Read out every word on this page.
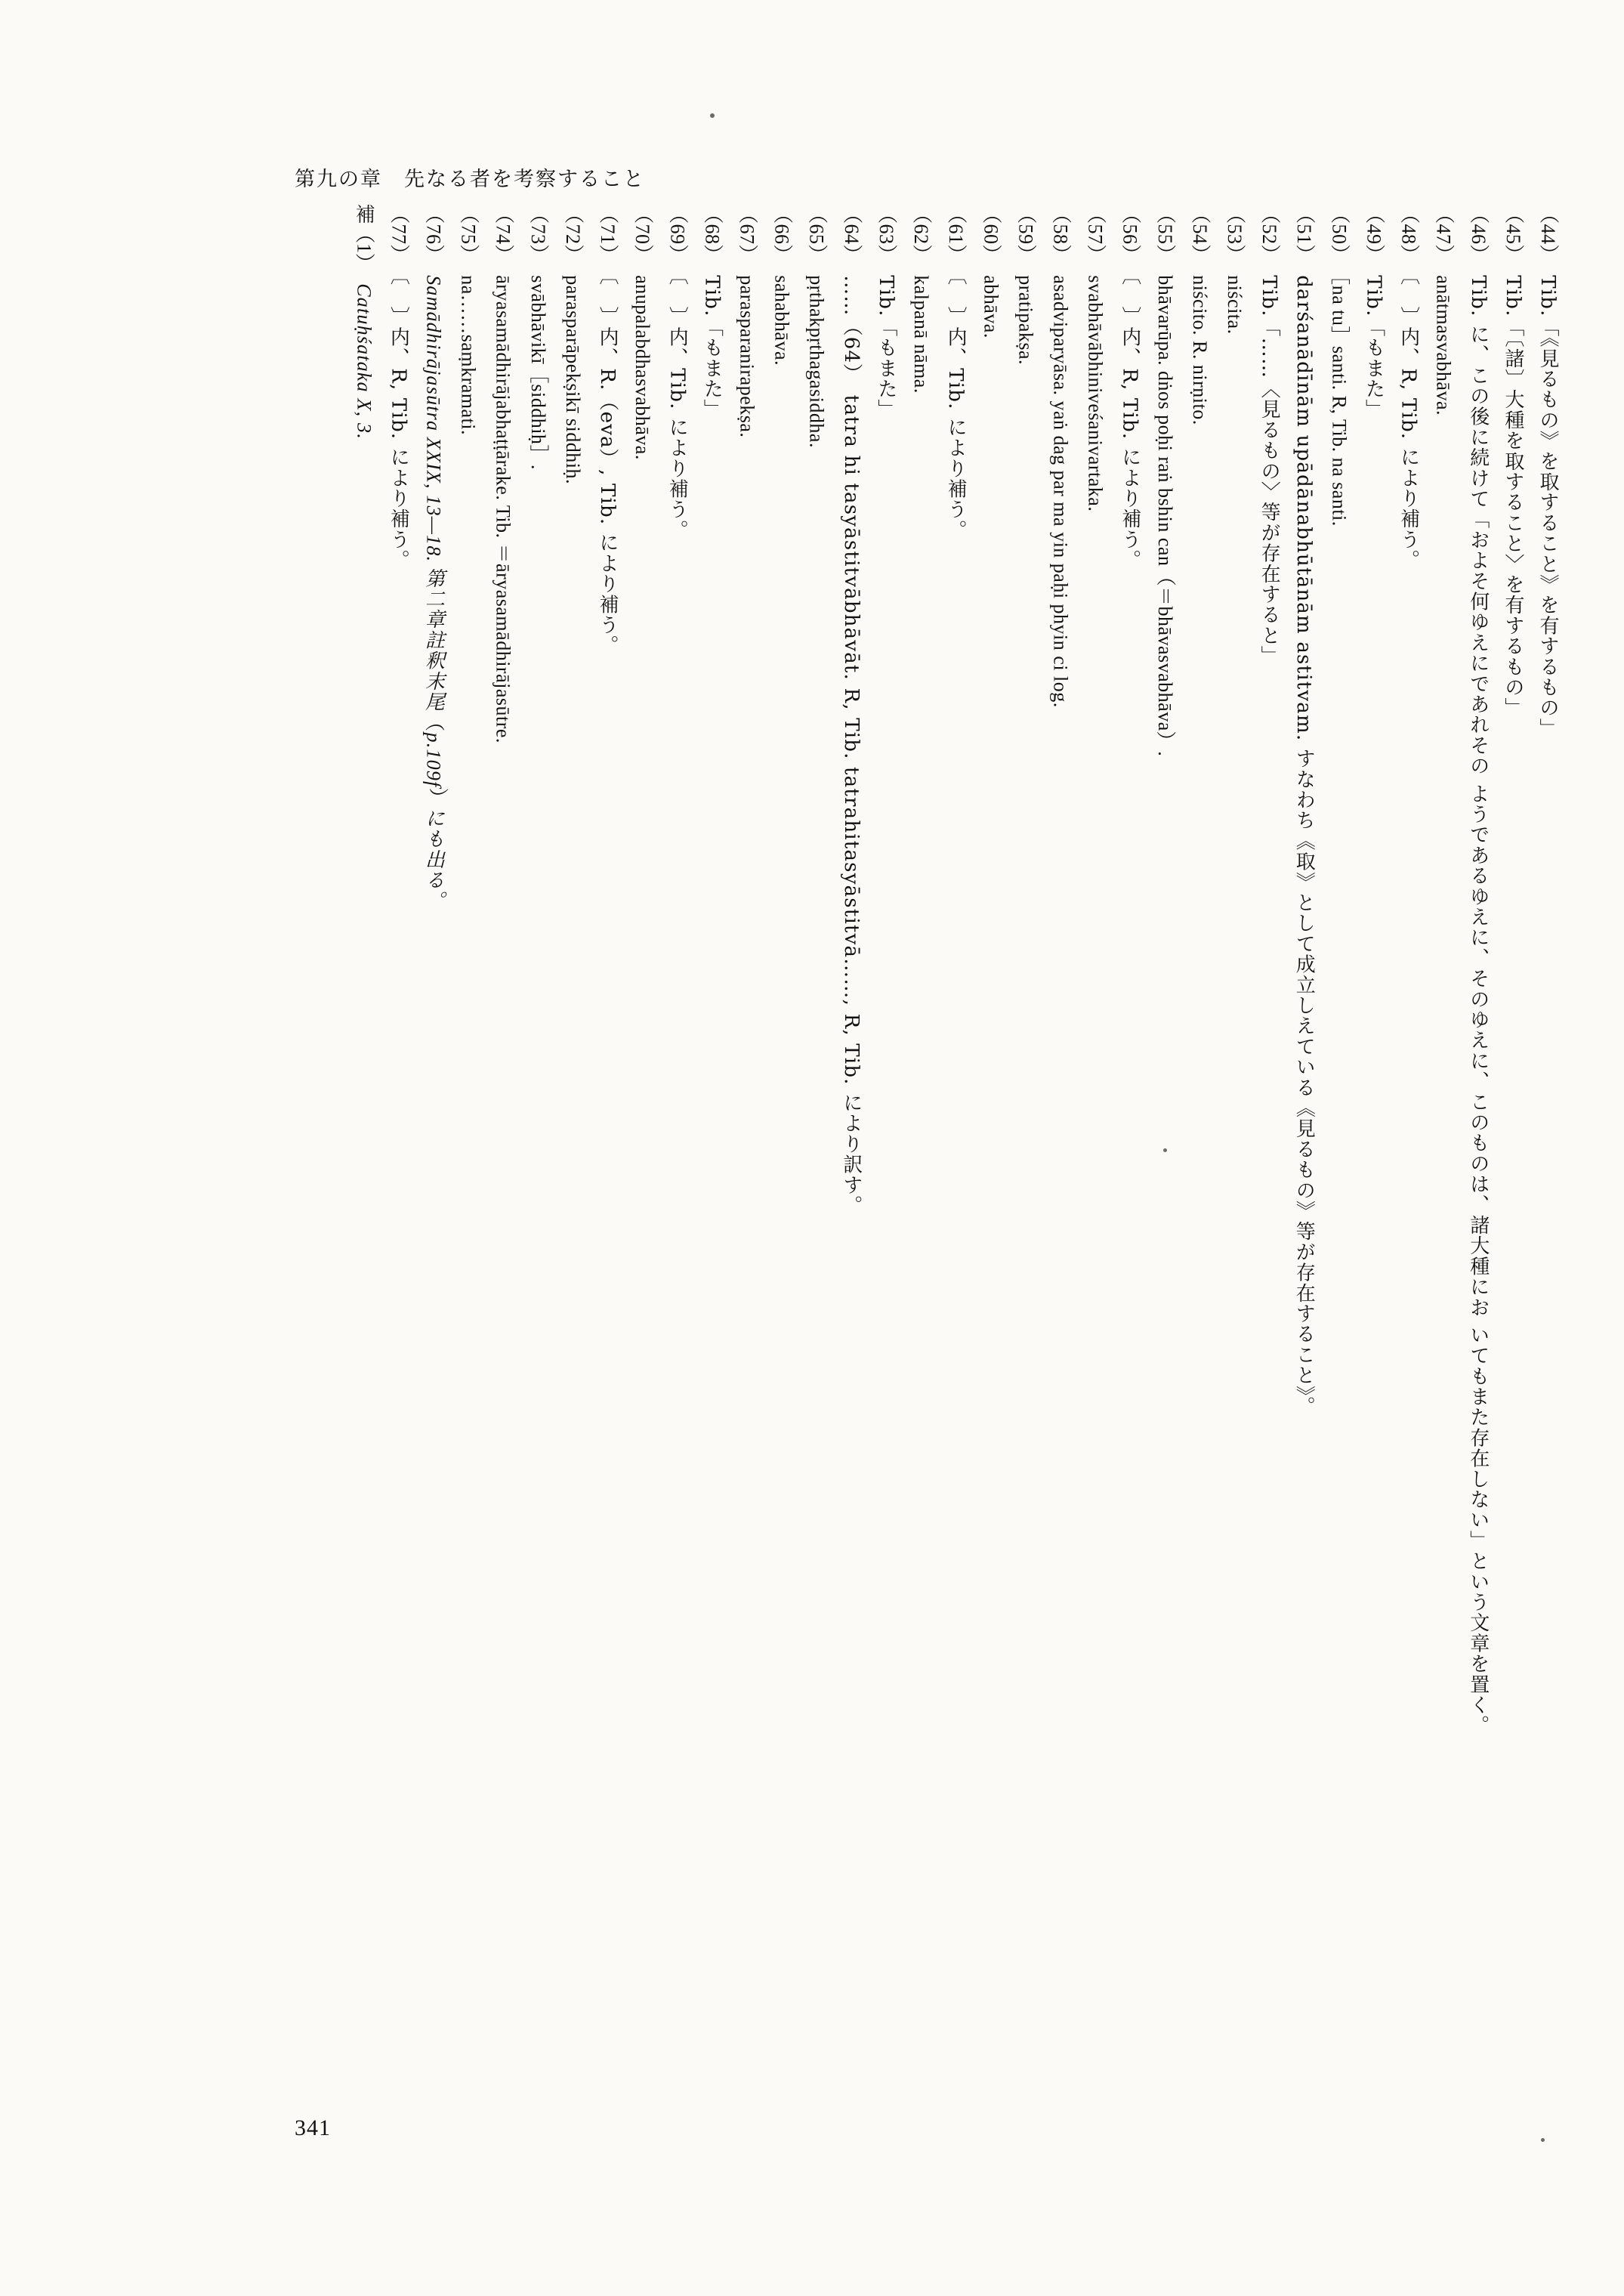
第九の章　先なる者を考察すること
（44）　Tib.「《見るもの》を取すること》を有するもの」
（45）　Tib.「〔諸〕大種を取すること〉を有するもの」
（46）　Tib. に、この後に続けて「およそ何ゆえにであれその ようであるゆえに、そのゆえに、このものは、諸大種にお いてもまた存在しない」という文章を置く。
（47）　anātmasvabhāva.
（48）　〔　〕内、R, Tib. により補う。
（49）　Tib.「もまた」
（50）　［na tu］santi. R, Tib. na santi.
（51）　darśanādīnām upādānabhūtānām astitvam. すなわち《取》として成立しえている《見るもの》等が存在すること》。
（52）　Tib.「……〈見るもの〉等が存在すると」
（53）　niścita.
（54）　niścito. R. nirṇito.
（55）　bhāvarūpa. dṅos poḥi raṅ bshin can（＝bhāvasvabhāva）.
（56）　〔　〕内、R, Tib. により補う。
（57）　svabhāvābhiniveśanivartaka.
（58）　asadviparyāsa. yaṅ dag par ma yin paḥi phyin ci log.
（59）　pratipakṣa.
（60）　abhāva.
（61）　〔　〕内、Tib. により補う。
（62）　kalpanā nāma.
（63）　Tib.「もまた」
（64）　……（64）　tatra hi tasyāstitvābhāvāt. R, Tib. tatrahitasyāstitvā……, R, Tib. により訳す。
（65）　pṛthakpṛthagasiddha.
（66）　sahabhāva.
（67）　parasparanirapekṣa.
（68）　Tib.「もまた」
（69）　〔　〕内、Tib. により補う。
（70）　anupalabdhasvabhāva.
（71）　〔　〕内、R.（eva）, Tib. により補う。
（72）　parasparāpekṣikī siddhiḥ.
（73）　svābhāvikī［siddhiḥ］.
（74）　āryasamādhirājabhaṭṭārake. Tib. ＝āryasamādhirājasūtre.
（75）　na……saṃkramati.
（76）　Samādhirājasūtra XXIX, 13—18. 第二章註釈末尾（p.109f）にも出る。
（77）　〔　〕内、R, Tib. により補う。
補（1）　Catuḥśataka X, 3.
341
